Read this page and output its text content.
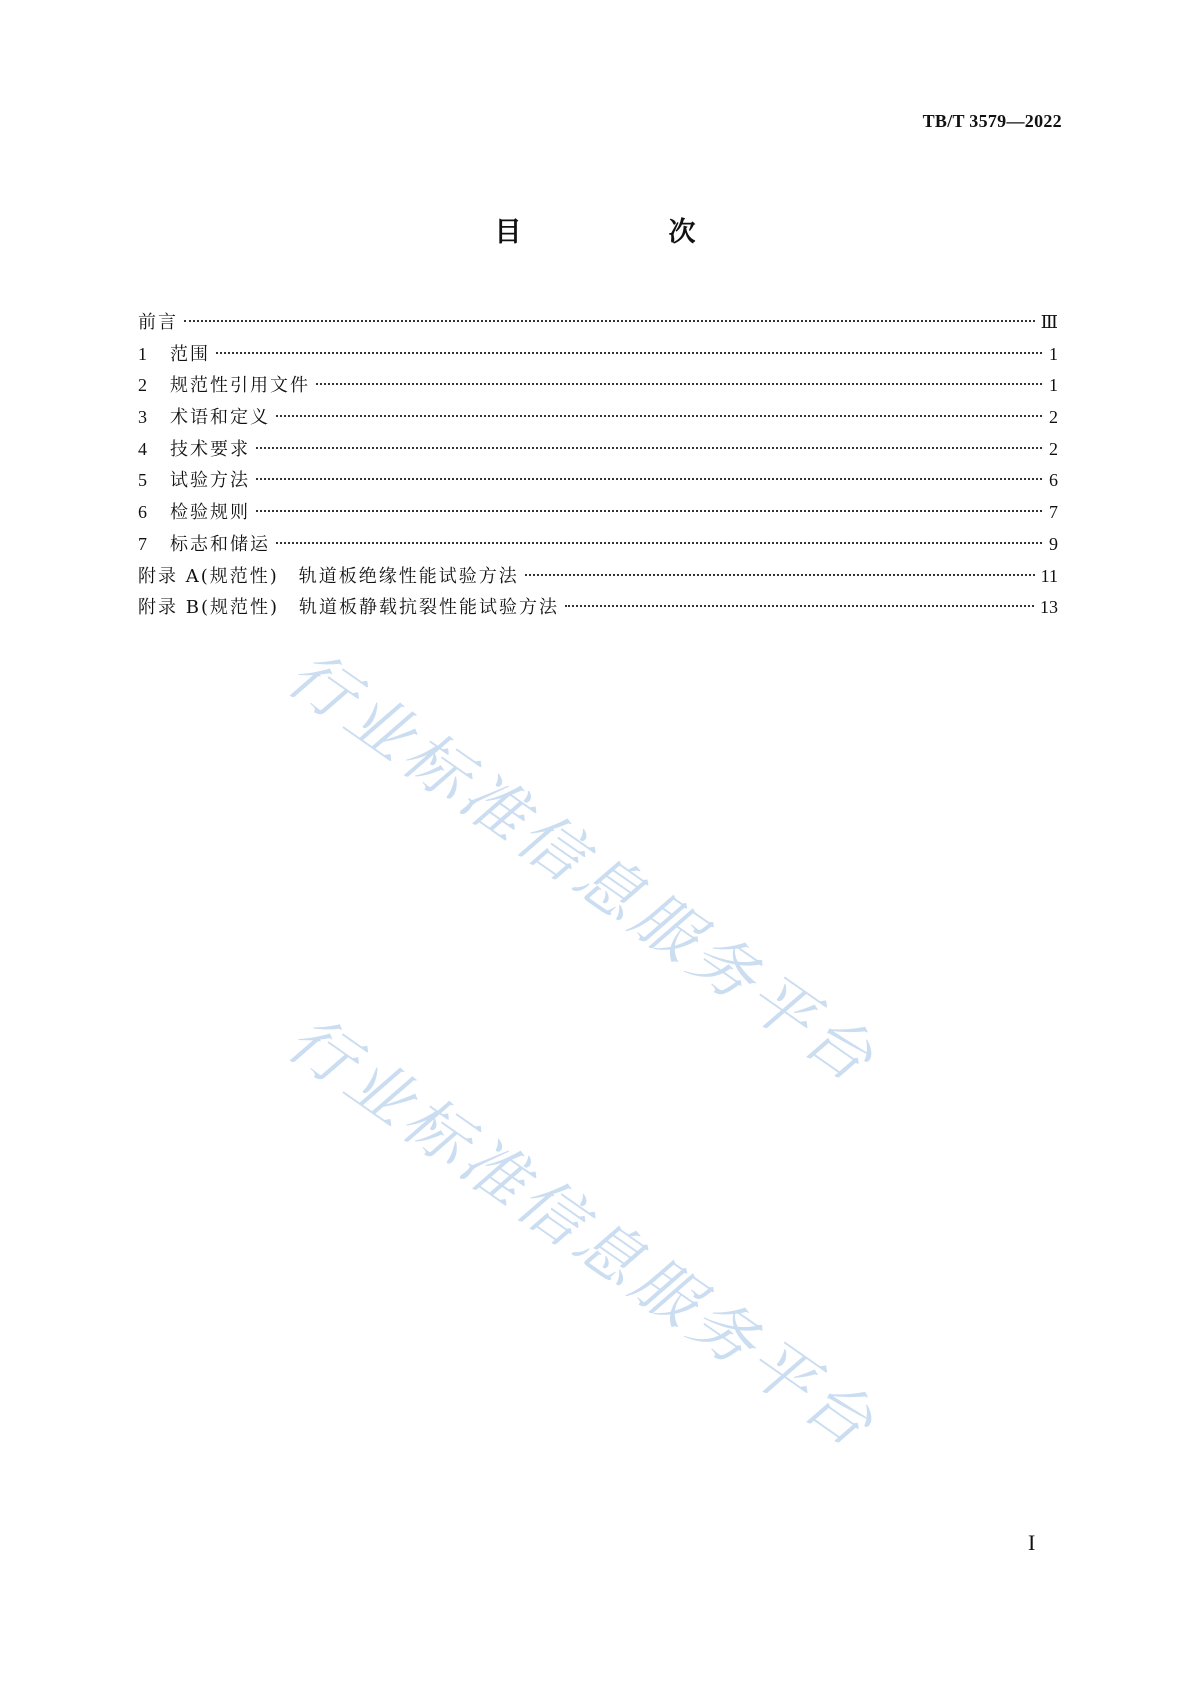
TB/T 3579—2022
目　次
前言	Ⅲ
1	范围	1
2	规范性引用文件	1
3	术语和定义	2
4	技术要求	2
5	试验方法	6
6	检验规则	7
7	标志和储运	9
附录 A(规范性) 轨道板绝缘性能试验方法	11
附录 B(规范性) 轨道板静载抗裂性能试验方法	13
行业标准信息服务平台
行业标准信息服务平台
I
